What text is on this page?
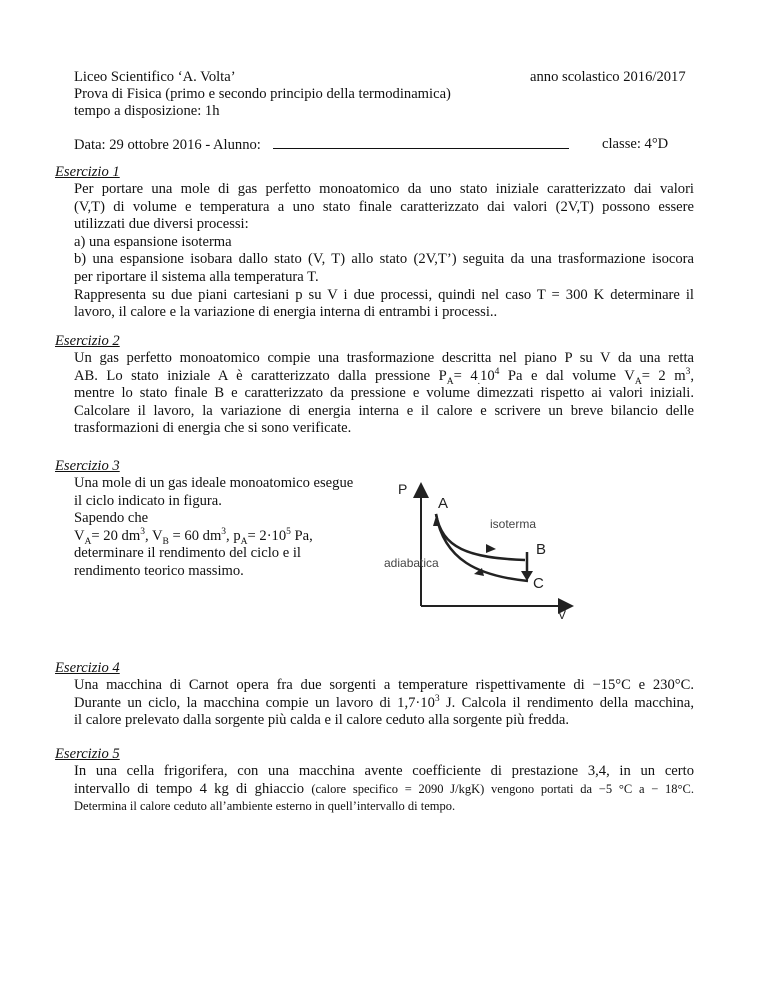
Liceo Scientifico ‘A. Volta’	anno scolastico 2016/2017
Prova di Fisica (primo e secondo principio della termodinamica)
tempo a disposizione: 1h
Data: 29 ottobre 2016 - Alunno:	classe: 4°D
Esercizio 1
Per portare una mole di gas perfetto monoatomico da uno stato iniziale caratterizzato dai valori
(V,T) di volume e temperatura a uno stato finale caratterizzato dai valori (2V,T) possono essere
utilizzati due diversi processi:
a) una espansione isoterma
b) una espansione isobara dallo stato (V, T) allo stato (2V,T’) seguita da una trasformazione isocora
per riportare il sistema alla temperatura T.
Rappresenta su due piani cartesiani p su V i due processi, quindi nel caso T = 300 K determinare il
lavoro, il calore e la variazione di energia interna di entrambi i processi..
Esercizio 2
Un gas perfetto monoatomico compie una trasformazione descritta nel piano P su V da una retta
AB. Lo stato iniziale A è caratterizzato dalla pressione $P_A= 4_.10^4$ Pa e dal volume $V_A= 2$ $m^3$,
mentre lo stato finale B e caratterizzato da pressione e volume dimezzati rispetto ai valori iniziali.
Calcolare il lavoro, la variazione di energia interna e il calore e scrivere un breve bilancio delle
trasformazioni di energia che si sono verificate.
Esercizio 3
Una mole di un gas ideale monoatomico esegue
il ciclo indicato in figura.
Sapendo che
$V_A= 20$ $dm^3$, $V_B = 60$ $dm^3$, $p_A= 2\cdot 10^5$ Pa,
determinare il rendimento del ciclo e il
rendimento teorico massimo.
P
V
A
B
C
isoterma
adiabatica
Esercizio 4
Una macchina di Carnot opera fra due sorgenti a temperature rispettivamente di −15°C e 230°C.
Durante un ciclo, la macchina compie un lavoro di $1,7\cdot 10^3$ J. Calcola il rendimento della macchina,
il calore prelevato dalla sorgente più calda e il calore ceduto alla sorgente più fredda.
Esercizio 5
In una cella frigorifera, con una macchina avente coefficiente di prestazione 3,4, in un certo
intervallo di tempo 4 kg di ghiaccio (calore specifico = 2090 J/kgK) vengono portati da −5 °C a − 18°C.
Determina il calore ceduto all’ambiente esterno in quell’intervallo di tempo.
